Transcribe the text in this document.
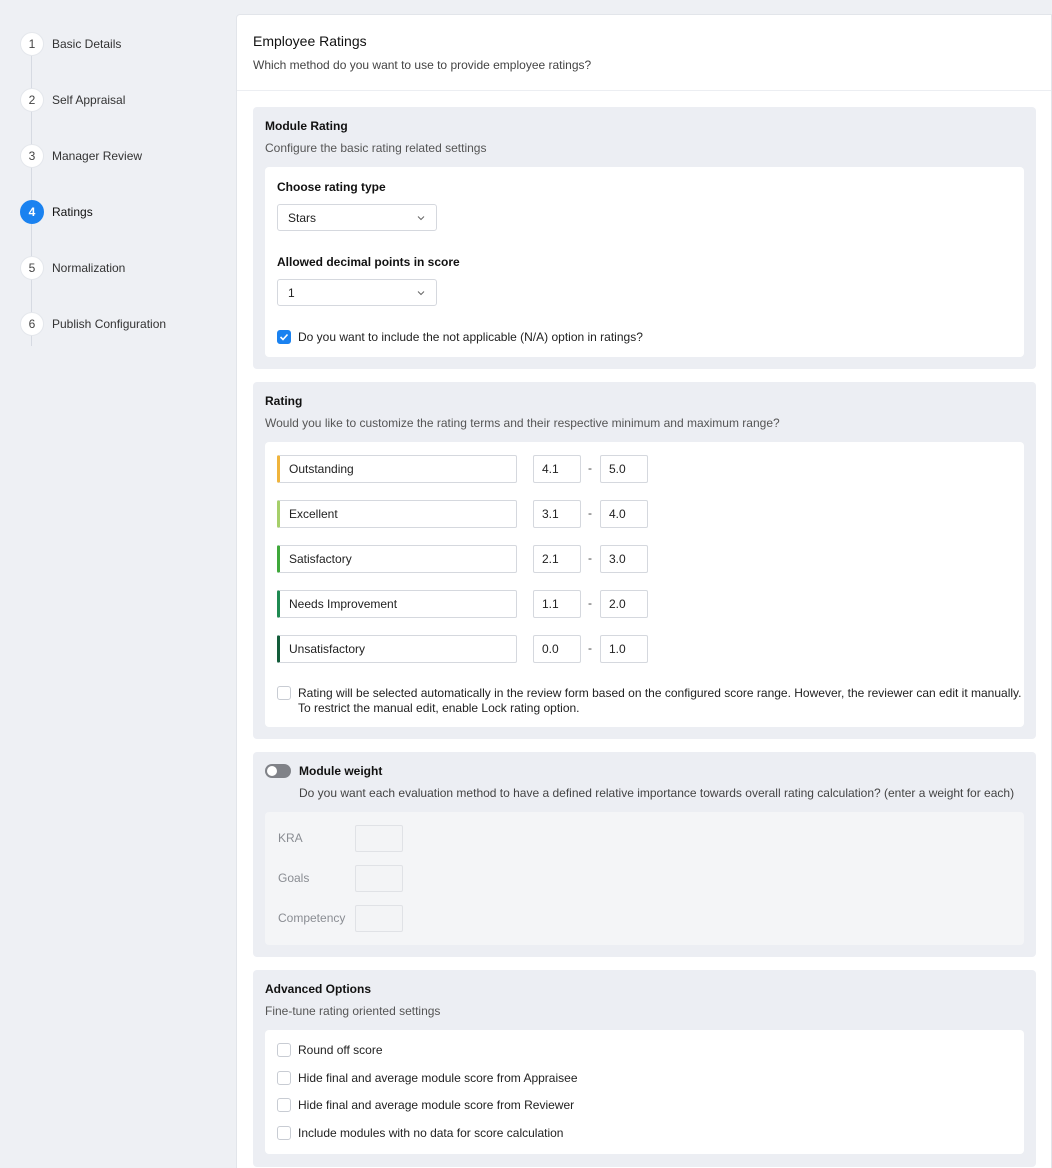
1	Basic Details
2	Self Appraisal
3	Manager Review
4	Ratings
5	Normalization
6	Publish Configuration
Employee Ratings
Which method do you want to use to provide employee ratings?
Module Rating
Configure the basic rating related settings
Choose rating type
Stars
Allowed decimal points in score
1
Do you want to include the not applicable (N/A) option in ratings?
Rating
Would you like to customize the rating terms and their respective minimum and maximum range?
Outstanding	4.1	-	5.0
Excellent	3.1	-	4.0
Satisfactory	2.1	-	3.0
Needs Improvement	1.1	-	2.0
Unsatisfactory	0.0	-	1.0
Rating will be selected automatically in the review form based on the configured score range. However, the reviewer can edit it manually.
To restrict the manual edit, enable Lock rating option.
Module weight
Do you want each evaluation method to have a defined relative importance towards overall rating calculation? (enter a weight for each)
KRA
Goals
Competency
Advanced Options
Fine-tune rating oriented settings
Round off score
Hide final and average module score from Appraisee
Hide final and average module score from Reviewer
Include modules with no data for score calculation
